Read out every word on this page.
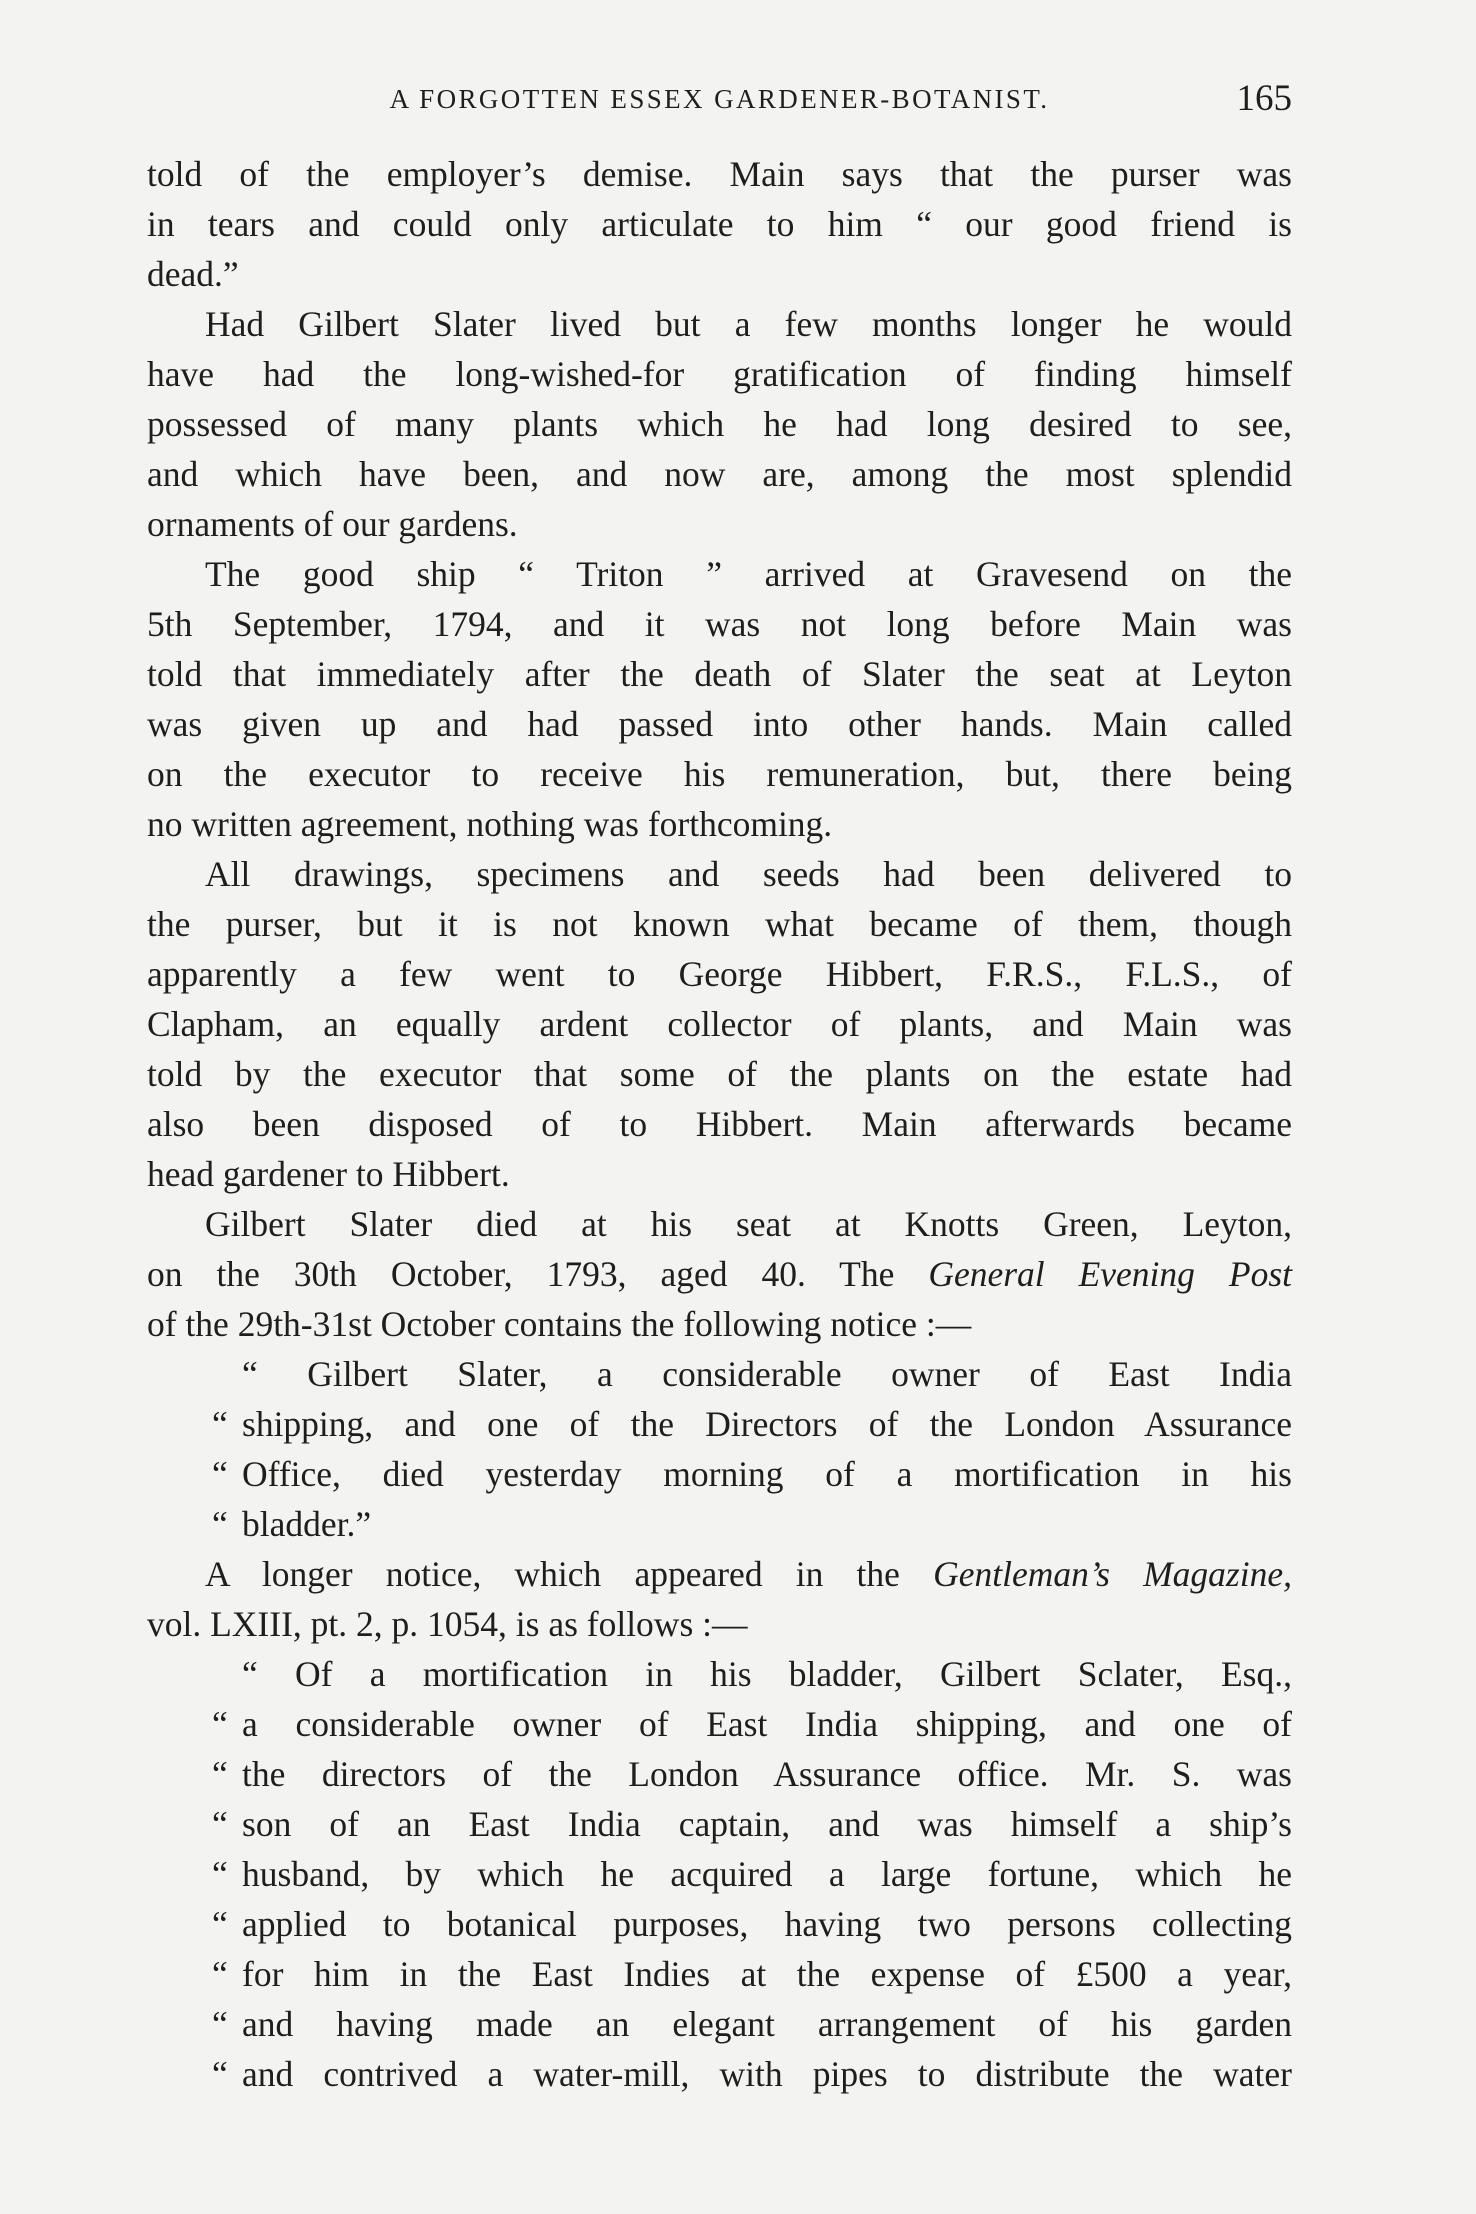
A FORGOTTEN ESSEX GARDENER-BOTANIST.	165
told of the employer’s demise. Main says that the purser was
in tears and could only articulate to him “ our good friend is
dead.”
Had Gilbert Slater lived but a few months longer he would
have had the long-wished-for gratification of finding himself
possessed of many plants which he had long desired to see,
and which have been, and now are, among the most splendid
ornaments of our gardens.
The good ship “ Triton ” arrived at Gravesend on the
5th September, 1794, and it was not long before Main was
told that immediately after the death of Slater the seat at Leyton
was given up and had passed into other hands. Main called
on the executor to receive his remuneration, but, there being
no written agreement, nothing was forthcoming.
All drawings, specimens and seeds had been delivered to
the purser, but it is not known what became of them, though
apparently a few went to George Hibbert, F.R.S., F.L.S., of
Clapham, an equally ardent collector of plants, and Main was
told by the executor that some of the plants on the estate had
also been disposed of to Hibbert. Main afterwards became
head gardener to Hibbert.
Gilbert Slater died at his seat at Knotts Green, Leyton,
on the 30th October, 1793, aged 40. The General Evening Post
of the 29th-31st October contains the following notice :—
“ Gilbert Slater, a considerable owner of East India
“ shipping, and one of the Directors of the London Assurance
“ Office, died yesterday morning of a mortification in his
“ bladder.”
A longer notice, which appeared in the Gentleman’s Magazine,
vol. LXIII, pt. 2, p. 1054, is as follows :—
“ Of a mortification in his bladder, Gilbert Sclater, Esq.,
“ a considerable owner of East India shipping, and one of
“ the directors of the London Assurance office. Mr. S. was
“ son of an East India captain, and was himself a ship’s
“ husband, by which he acquired a large fortune, which he
“ applied to botanical purposes, having two persons collecting
“ for him in the East Indies at the expense of £500 a year,
“ and having made an elegant arrangement of his garden
“ and contrived a water-mill, with pipes to distribute the water
